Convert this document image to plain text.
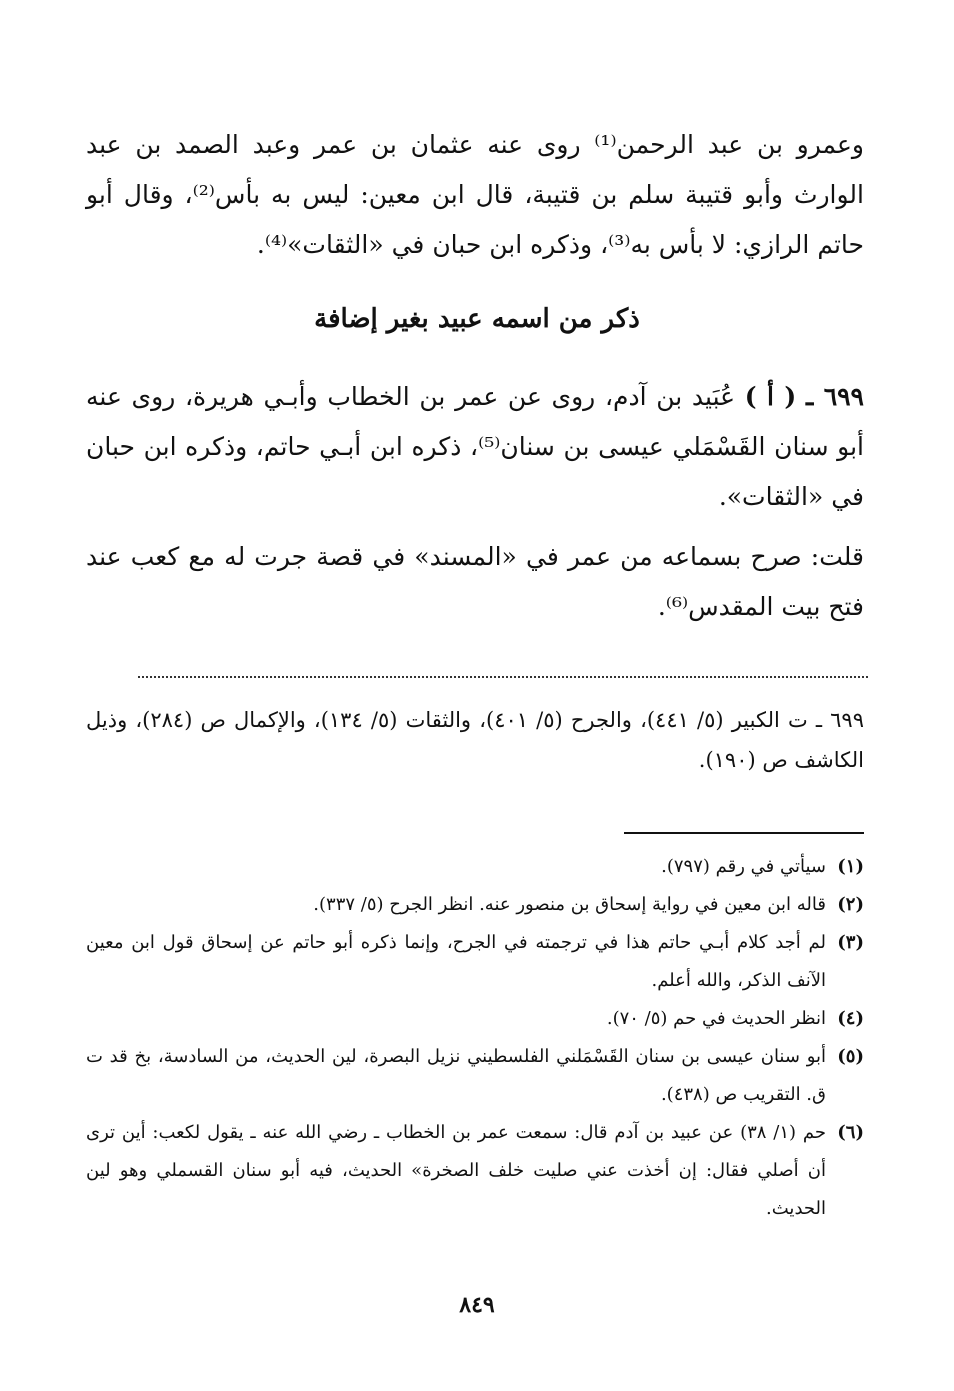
وعمرو بن عبد الرحمن⁽¹⁾ روى عنه عثمان بن عمر وعبد الصمد بن عبد الوارث وأبو قتيبة سلم بن قتيبة، قال ابن معين: ليس به بأس⁽²⁾، وقال أبو حاتم الرازي: لا بأس به⁽³⁾، وذكره ابن حبان في «الثقات»⁽⁴⁾.
ذكر من اسمه عبيد بغير إضافة
٦٩٩ ـ ( أ ) عُبَيد بن آدم، روى عن عمر بن الخطاب وأبـي هريرة، روى عنه أبو سنان القَسْمَلي عيسى بن سنان⁽⁵⁾، ذكره ابن أبـي حاتم، وذكره ابن حبان في «الثقات».
قلت: صرح بسماعه من عمر في «المسند» في قصة جرت له مع كعب عند فتح بيت المقدس⁽⁶⁾.
٦٩٩ ـ ت الكبير (٥/ ٤٤١)، والجرح (٥/ ٤٠١)، والثقات (٥/ ١٣٤)، والإكمال ص (٢٨٤)، وذيل الكاشف ص (١٩٠).
(١)
سيأتي في رقم (٧٩٧).
(٢)
قاله ابن معين في رواية إسحاق بن منصور عنه. انظر الجرح (٥/ ٣٣٧).
(٣)
لم أجد كلام أبـي حاتم هذا في ترجمته في الجرح، وإنما ذكره أبو حاتم عن إسحاق قول ابن معين الآنف الذكر، والله أعلم.
(٤)
انظر الحديث في حم (٥/ ٧٠).
(٥)
أبو سنان عيسى بن سنان القَسْمَلني الفلسطيني نزيل البصرة، لين الحديث، من السادسة، بخ قد ت ق. التقريب ص (٤٣٨).
(٦)
حم (١/ ٣٨) عن عبيد بن آدم قال: سمعت عمر بن الخطاب ـ رضي الله عنه ـ يقول لكعب: أين ترى أن أصلي فقال: إن أخذت عني صليت خلف الصخرة» الحديث، فيه أبو سنان القسملي وهو لين الحديث.
٨٤٩
